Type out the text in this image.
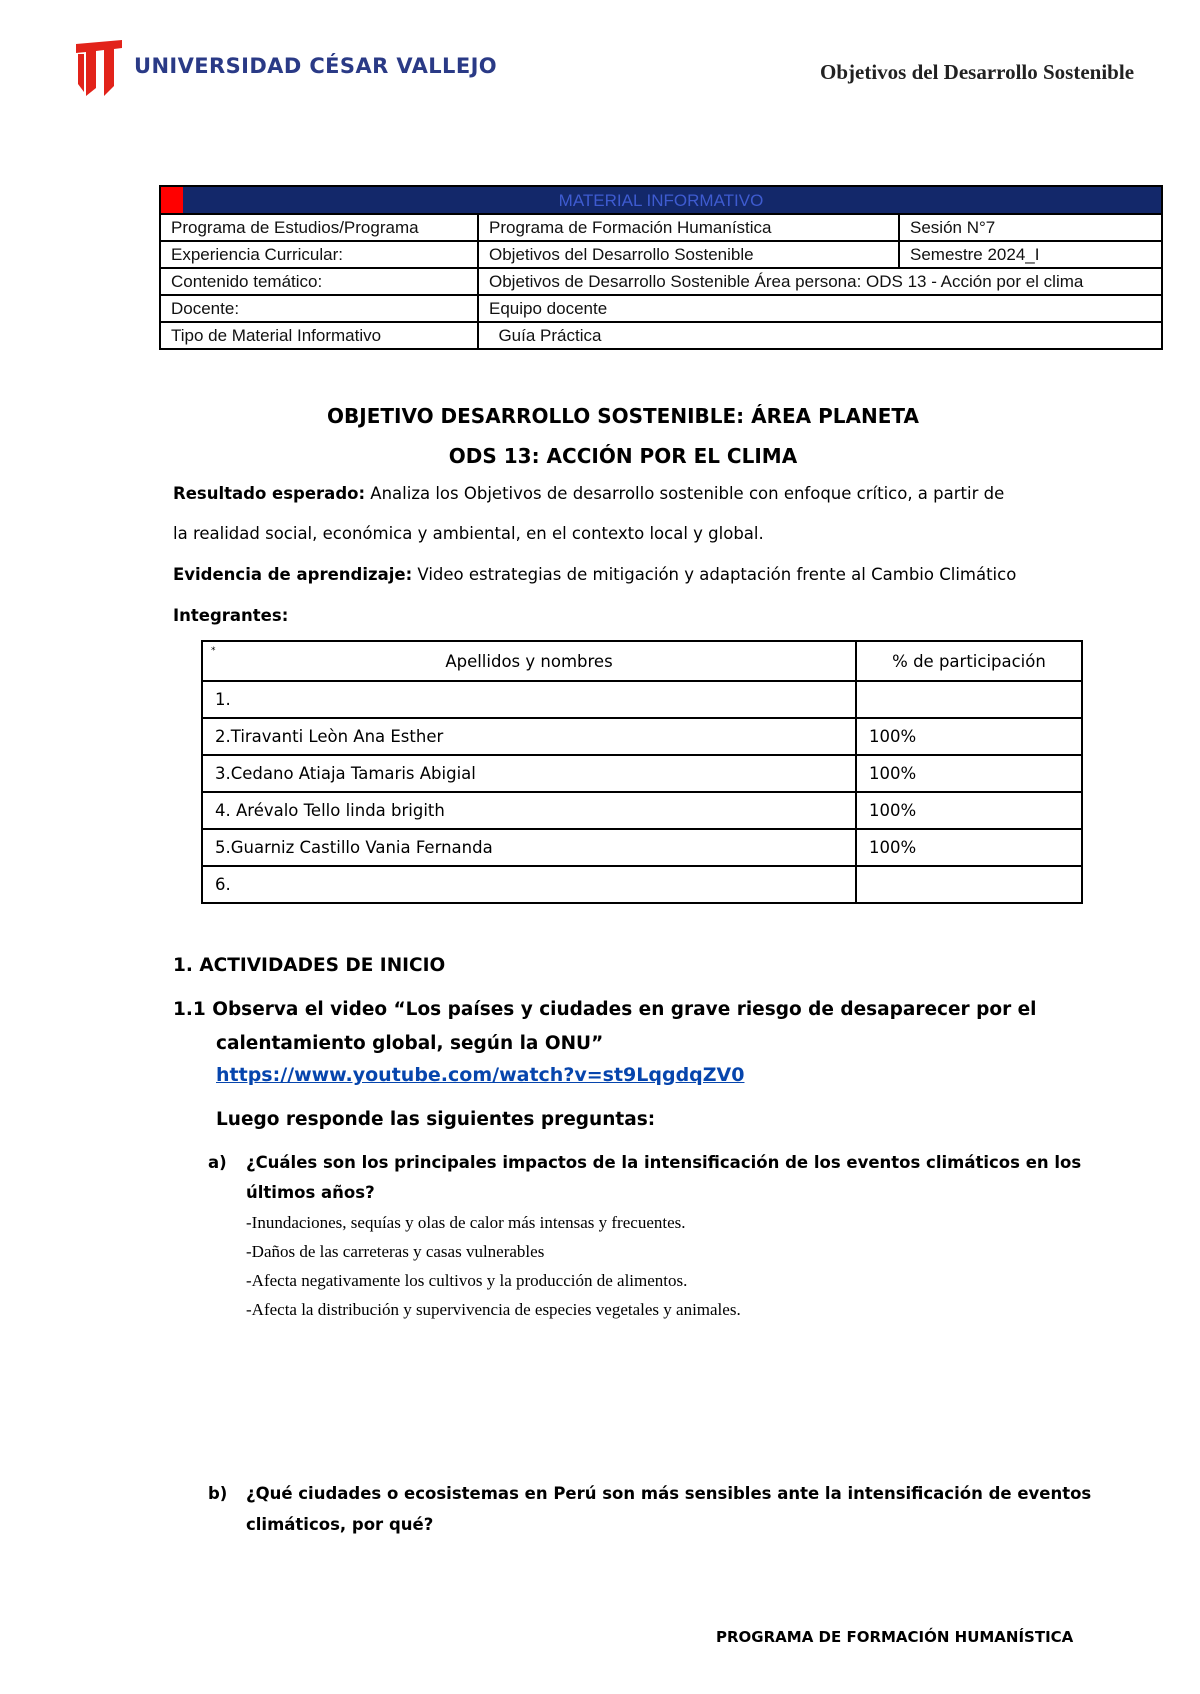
UNIVERSIDAD CÉSAR VALLEJO	Objetivos del Desarrollo Sostenible
MATERIAL INFORMATIVO		
Programa de Estudios/Programa	Programa de Formación Humanística	Sesión N°7
Experiencia Curricular:	Objetivos del Desarrollo Sostenible	Semestre 2024_I
Contenido temático:	Objetivos de Desarrollo Sostenible Área persona: ODS 13 - Acción por el clima	
Docente:	Equipo docente	
Tipo de Material Informativo	Guía Práctica	
OBJETIVO DESARROLLO SOSTENIBLE: ÁREA PLANETA
ODS 13: ACCIÓN POR EL CLIMA
Resultado esperado: Analiza los Objetivos de desarrollo sostenible con enfoque crítico, a partir de
la realidad social, económica y ambiental, en el contexto local y global.
Evidencia de aprendizaje: Video estrategias de mitigación y adaptación frente al Cambio Climático
Integrantes:
*
Apellidos y nombres	% de participación
1.	
2.Tiravanti Leòn Ana Esther	100%
3.Cedano Atiaja Tamaris Abigial	100%
4. Arévalo Tello linda brigith	100%
5.Guarniz Castillo Vania Fernanda	100%
6.	
1. ACTIVIDADES DE INICIO
1.1 Observa el video “Los países y ciudades en grave riesgo de desaparecer por el
calentamiento global, según la ONU”
https://www.youtube.com/watch?v=st9LqgdqZV0
Luego responde las siguientes preguntas:
a) ¿Cuáles son los principales impactos de la intensificación de los eventos climáticos en los
últimos años?
-Inundaciones, sequías y olas de calor más intensas y frecuentes.
-Daños de las carreteras y casas vulnerables
-Afecta negativamente los cultivos y la producción de alimentos.
-Afecta la distribución y supervivencia de especies vegetales y animales.
b) ¿Qué ciudades o ecosistemas en Perú son más sensibles ante la intensificación de eventos
climáticos, por qué?
PROGRAMA DE FORMACIÓN HUMANÍSTICA
